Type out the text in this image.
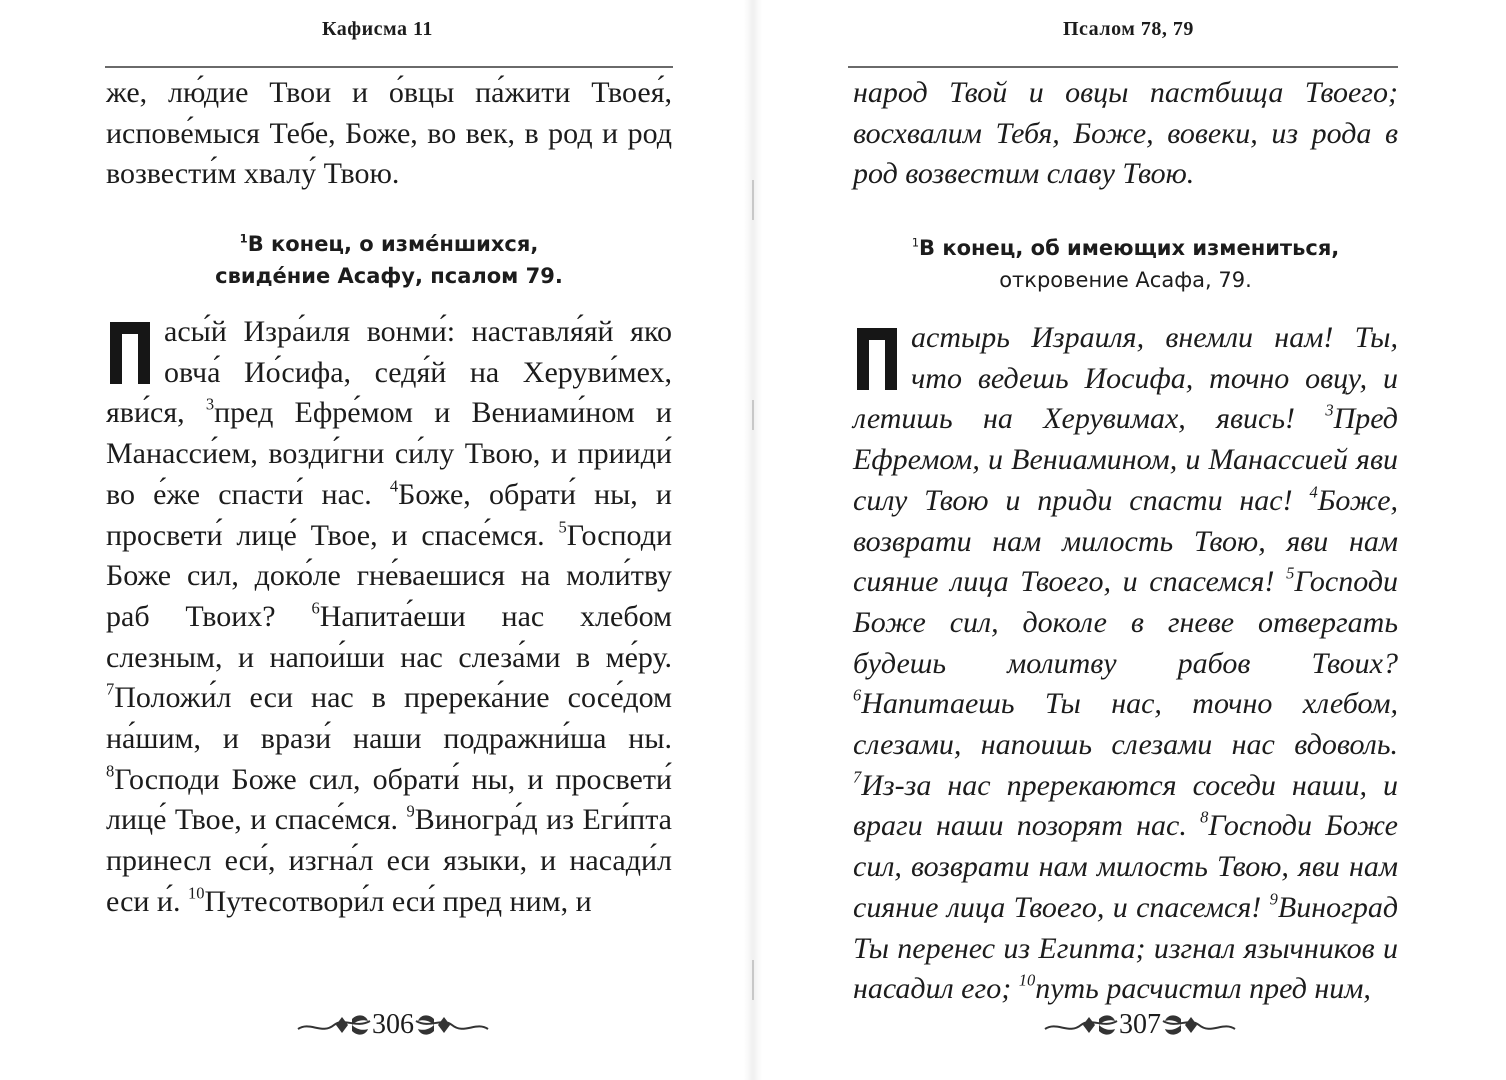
Кафисма 11

же, лю́дие Твои и о́вцы па́жити Твоея́, испове́мыся Тебе, Боже, во век, в род и род возвести́м хвалу́ Твою.

$^1$В конец, о изме́ншихся,
свиде́ние Асафу, псалом 79.

асы́й Изра́иля вонми́: наставля́яй яко овча́ Ио́сифа, седя́й на Херуви́мех, яви́ся, $^3$пред Ефре́мом и Вениами́ном и Манасси́ем, возди́гни си́лу Твою, и прииди́ во е́же спасти́ нас. $^4$Боже, обрати́ ны, и просвети́ лице́ Твое, и спасе́мся. $^5$Господи Боже сил, доко́ле гне́ваешися на моли́тву раб Твоих? $^6$Напита́еши нас хлебом слезным, и напои́ши нас слеза́ми в ме́ру. $^7$Положи́л еси нас в пререка́ние сосе́дом на́шим, и врази́ наши подражни́ша ны. $^8$Господи Боже сил, обрати́ ны, и просвети́ лице́ Твое, и спасе́мся. $^9$Виногра́д из Еги́пта принесл еси́, изгна́л еси языки, и насади́л еси и́. $^{10}$Путесотвори́л еси́ пред ним, и
306
Псалом 78, 79

народ Твой и овцы пастбища Твоего; восхвалим Тебя, Боже, вовеки, из рода в род возвестим славу Твою.

$^1$В конец, об имеющих измениться,
откровение Асафа, 79.

астырь Израиля, внемли нам! Ты, что ведешь Иосифа, точно овцу, и летишь на Херувимах, явись! $^3$Пред Ефремом, и Вениамином, и Манассией яви силу Твою и приди спасти нас! $^4$Боже, возврати нам милость Твою, яви нам сияние лица Твоего, и спасемся! $^5$Господи Боже сил, доколе в гневе отвергать будешь молитву рабов Твоих? $^6$Напитаешь Ты нас, точно хлебом, слезами, напоишь слезами нас вдоволь. $^7$Из-за нас пререкаются соседи наши, и враги наши позорят нас. $^8$Господи Боже сил, возврати нам милость Твою, яви нам сияние лица Твоего, и спасемся! $^9$Виноград Ты перенес из Египта; изгнал язычников и насадил его; $^{10}$путь расчистил пред ним,
307
